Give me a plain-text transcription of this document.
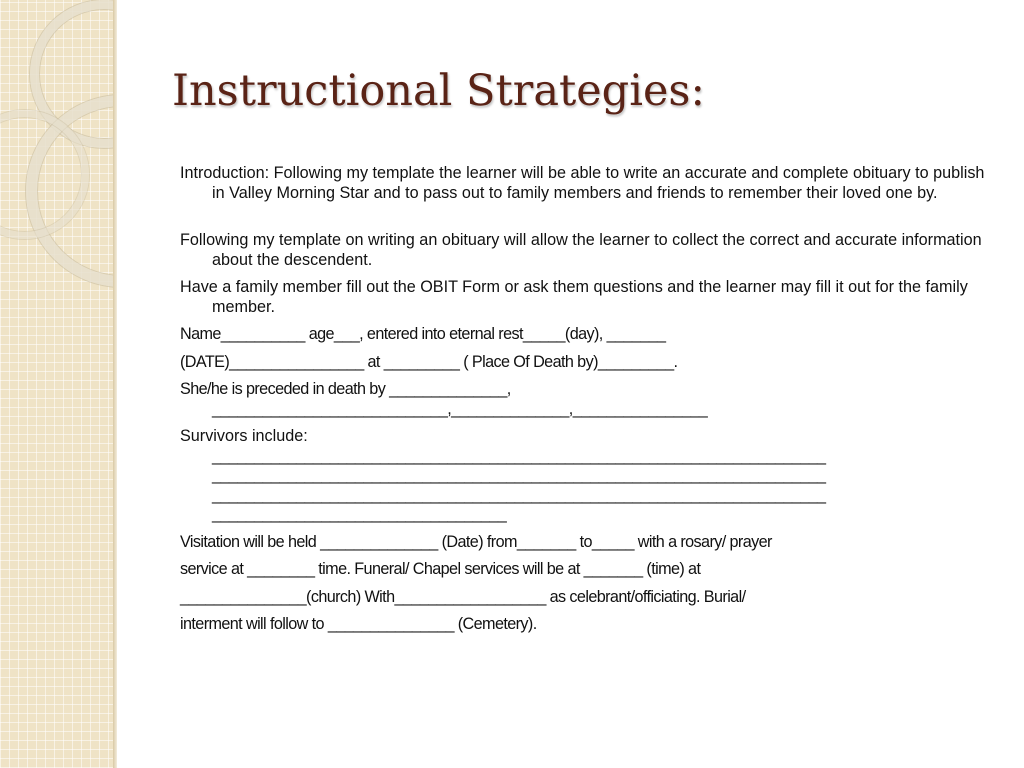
Instructional Strategies:

Introduction: Following my template the learner will be able to write an accurate and complete obituary to publish in Valley Morning Star and to pass out to family members and friends to remember their loved one by.

Following my template on writing an obituary will allow the learner to collect the correct and accurate information about the descendent.

Have a family member fill out the OBIT Form or ask them questions and the learner may fill it out for the family member.

Name__________ age___, entered into eternal rest_____(day), _______

(DATE)________________ at _________ ( Place Of Death by)_________.

She/he is preceded in death by ______________,

____________________________,______________,________________

Survivors include:

_________________________________________________________________________

_________________________________________________________________________

_________________________________________________________________________

___________________________________

Visitation will be held ______________ (Date) from_______ to_____ with a rosary/ prayer

service at ________ time. Funeral/ Chapel services will be at _______ (time) at

_______________(church) With__________________ as celebrant/officiating. Burial/

interment will follow to _______________ (Cemetery).
